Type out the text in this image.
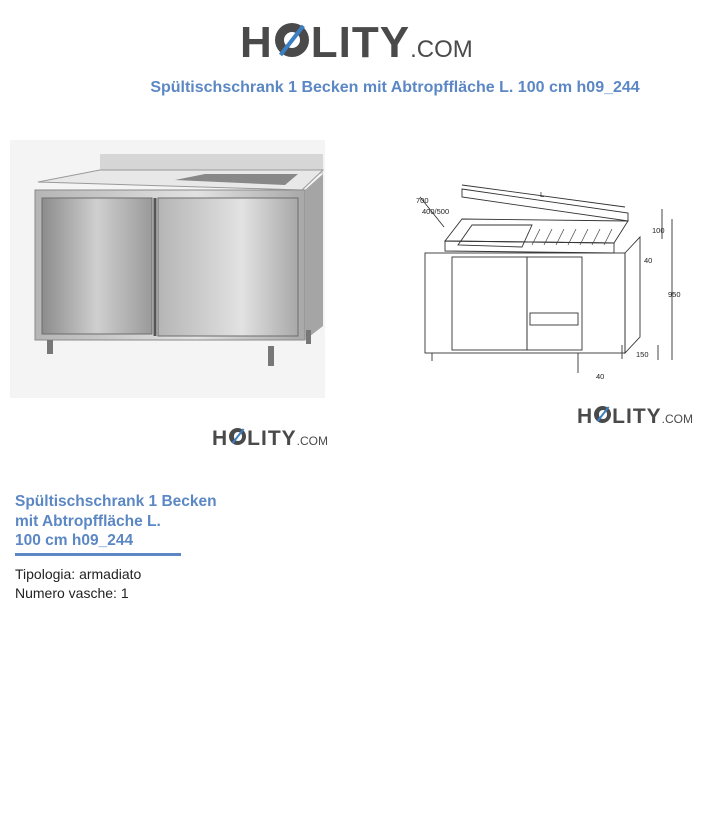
H LITY .COM
Spültischschrank 1 Becken mit Abtropffläche L. 100 cm h09_244
H LITY .COM
700
400/500
L
100
40
950
150
40
H LITY .COM
Spültischschrank 1 Becken
mit Abtropffläche L.
100 cm h09_244
Tipologia: armadiato
Numero vasche: 1
